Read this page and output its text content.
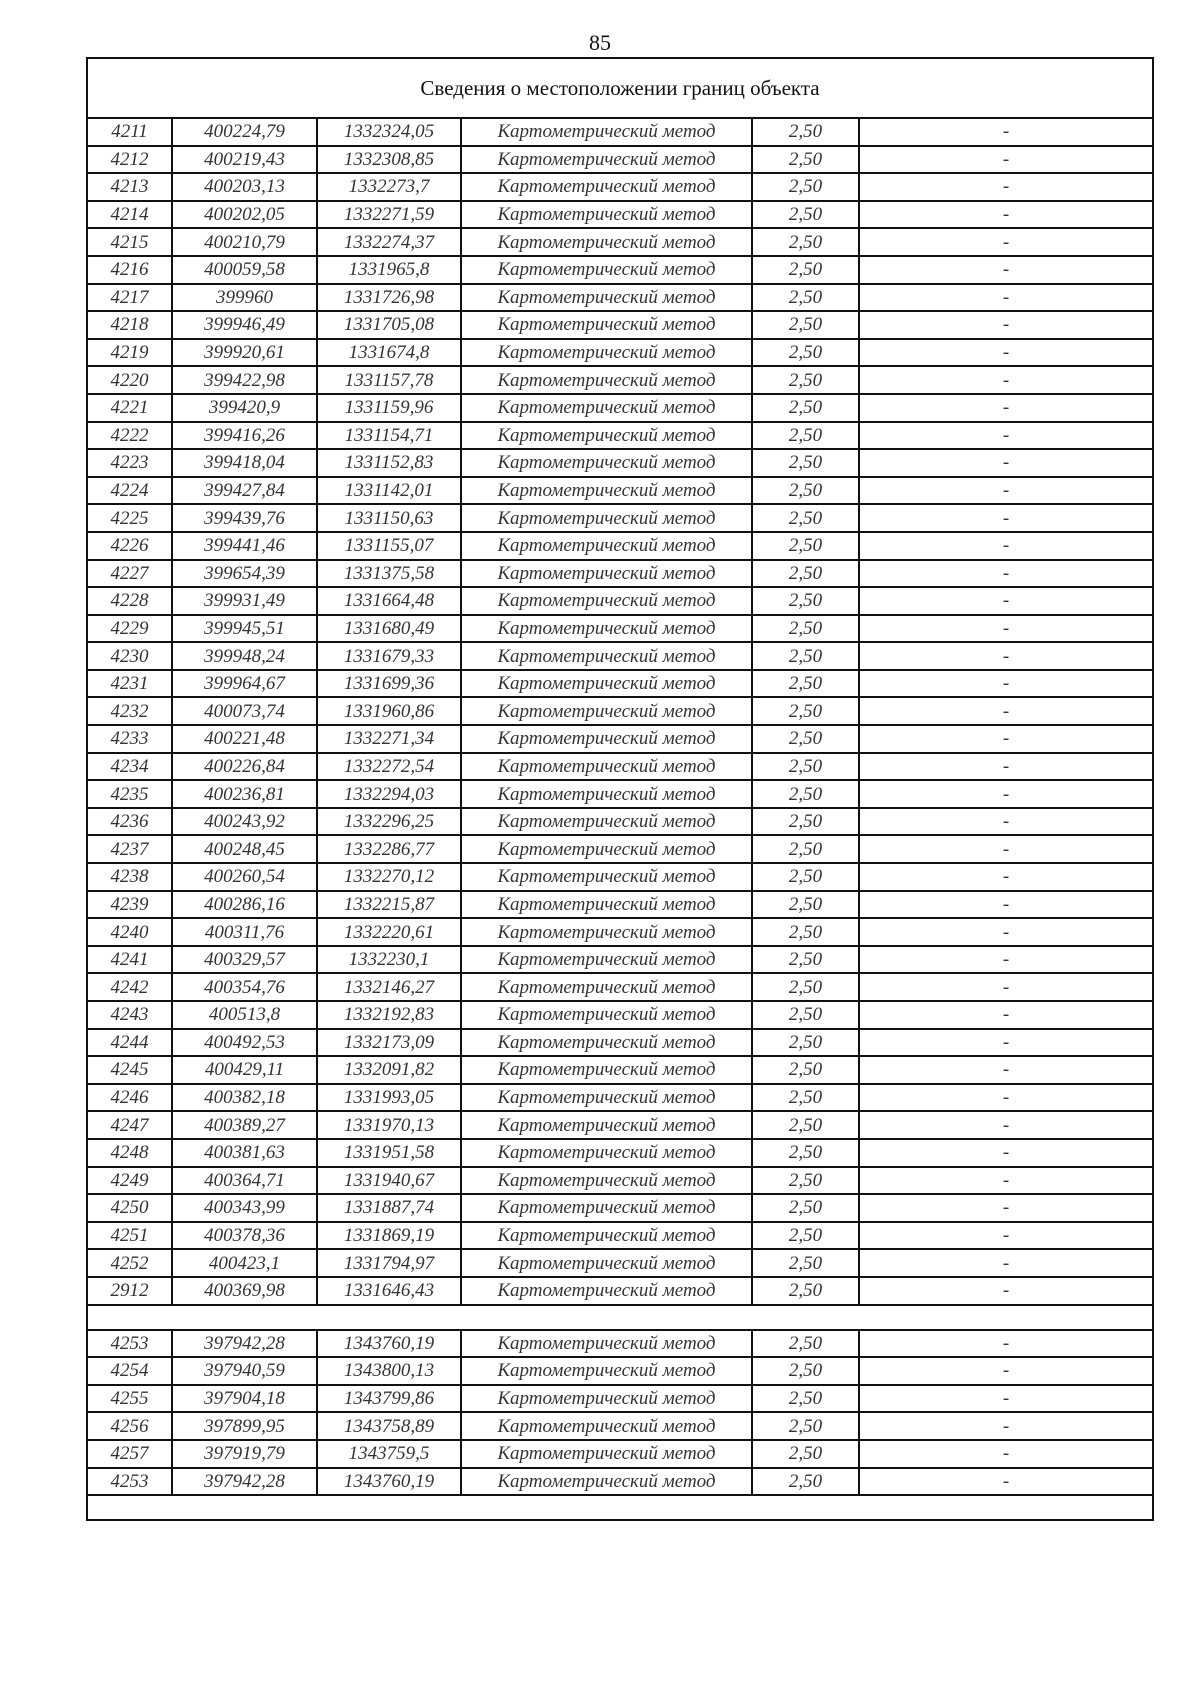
85
Сведения о местоположении границ объекта					
4211	400224,79	1332324,05	Картометрический метод	2,50	-
4212	400219,43	1332308,85	Картометрический метод	2,50	-
4213	400203,13	1332273,7	Картометрический метод	2,50	-
4214	400202,05	1332271,59	Картометрический метод	2,50	-
4215	400210,79	1332274,37	Картометрический метод	2,50	-
4216	400059,58	1331965,8	Картометрический метод	2,50	-
4217	399960	1331726,98	Картометрический метод	2,50	-
4218	399946,49	1331705,08	Картометрический метод	2,50	-
4219	399920,61	1331674,8	Картометрический метод	2,50	-
4220	399422,98	1331157,78	Картометрический метод	2,50	-
4221	399420,9	1331159,96	Картометрический метод	2,50	-
4222	399416,26	1331154,71	Картометрический метод	2,50	-
4223	399418,04	1331152,83	Картометрический метод	2,50	-
4224	399427,84	1331142,01	Картометрический метод	2,50	-
4225	399439,76	1331150,63	Картометрический метод	2,50	-
4226	399441,46	1331155,07	Картометрический метод	2,50	-
4227	399654,39	1331375,58	Картометрический метод	2,50	-
4228	399931,49	1331664,48	Картометрический метод	2,50	-
4229	399945,51	1331680,49	Картометрический метод	2,50	-
4230	399948,24	1331679,33	Картометрический метод	2,50	-
4231	399964,67	1331699,36	Картометрический метод	2,50	-
4232	400073,74	1331960,86	Картометрический метод	2,50	-
4233	400221,48	1332271,34	Картометрический метод	2,50	-
4234	400226,84	1332272,54	Картометрический метод	2,50	-
4235	400236,81	1332294,03	Картометрический метод	2,50	-
4236	400243,92	1332296,25	Картометрический метод	2,50	-
4237	400248,45	1332286,77	Картометрический метод	2,50	-
4238	400260,54	1332270,12	Картометрический метод	2,50	-
4239	400286,16	1332215,87	Картометрический метод	2,50	-
4240	400311,76	1332220,61	Картометрический метод	2,50	-
4241	400329,57	1332230,1	Картометрический метод	2,50	-
4242	400354,76	1332146,27	Картометрический метод	2,50	-
4243	400513,8	1332192,83	Картометрический метод	2,50	-
4244	400492,53	1332173,09	Картометрический метод	2,50	-
4245	400429,11	1332091,82	Картометрический метод	2,50	-
4246	400382,18	1331993,05	Картометрический метод	2,50	-
4247	400389,27	1331970,13	Картометрический метод	2,50	-
4248	400381,63	1331951,58	Картометрический метод	2,50	-
4249	400364,71	1331940,67	Картометрический метод	2,50	-
4250	400343,99	1331887,74	Картометрический метод	2,50	-
4251	400378,36	1331869,19	Картометрический метод	2,50	-
4252	400423,1	1331794,97	Картометрический метод	2,50	-
2912	400369,98	1331646,43	Картометрический метод	2,50	-

4253	397942,28	1343760,19	Картометрический метод	2,50	-
4254	397940,59	1343800,13	Картометрический метод	2,50	-
4255	397904,18	1343799,86	Картометрический метод	2,50	-
4256	397899,95	1343758,89	Картометрический метод	2,50	-
4257	397919,79	1343759,5	Картометрический метод	2,50	-
4253	397942,28	1343760,19	Картометрический метод	2,50	-
